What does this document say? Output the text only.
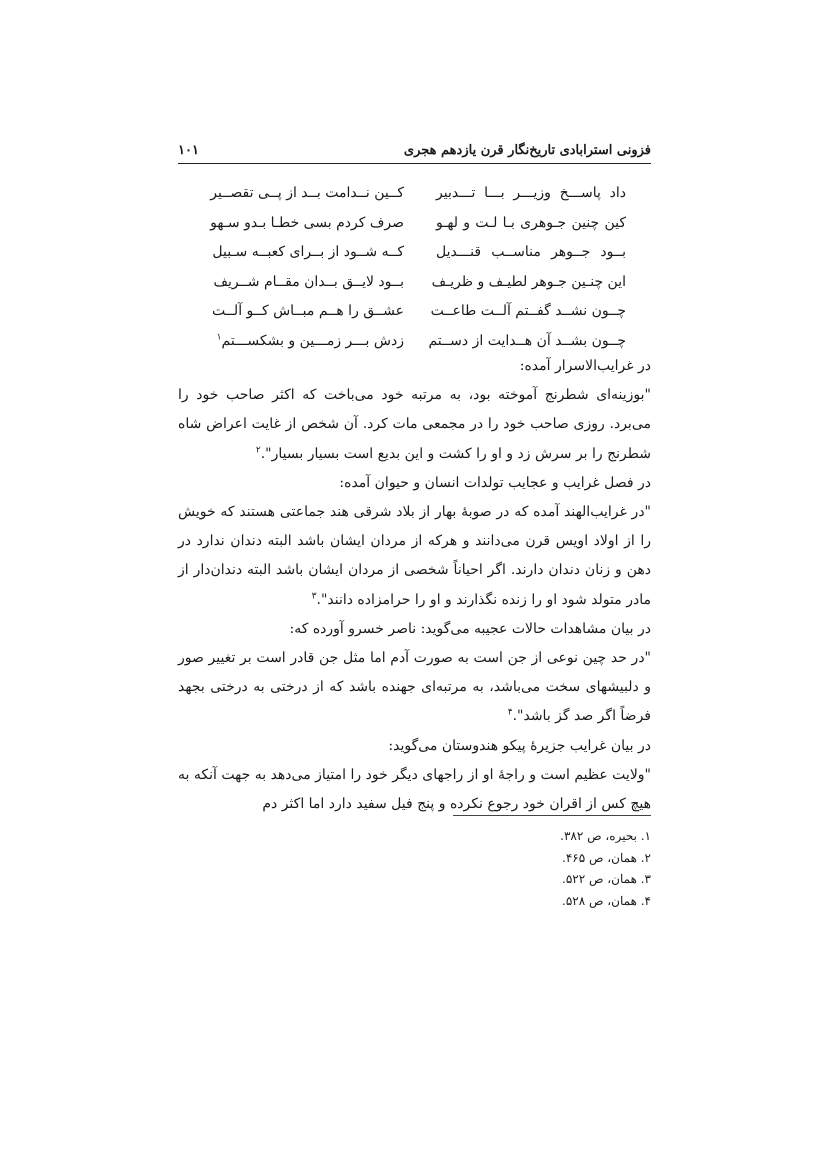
فزونی استرابادی تاریخ‌نگار قرن یازدهم هجری
۱۰۱
داد پاســـخ وزیـــر بـــا تـــدبیر
کــین نــدامت بــد از پــی تقصــیر
کین چنین جـوهری بـا لـت و لهـو
صرف کردم بسی خطـا بـدو سـهو
بــود جــوهر مناســب قنـــدیل
کــه شــود از بــرای کعبــه سـبیل
این چنـین جـوهر لطیـف و ظریـف
بــود لایــق بــدان مقــام شــریف
چــون نشــد گفــتم آلــت طاعــت
عشــق را هــم مبــاش کــو آلــت
چــون بشــد آن هــدایت از دســتم
زدش بـــر زمـــین و بشکســـتم$^۱$

در غرایب‌الاسرار آمده:

"بوزینه‌ای شطرنج آموخته بود، به مرتبه خود می‌باخت که اکثر صاحب خود را می‌برد. روزی صاحب خود را در مجمعی مات کرد. آن شخص از غایت اعراض شاه شطرنج را بر سرش زد و او را کشت و این بدیع است بسیار بسیار".$^۲$

در فصل غرایب و عجایب تولدات انسان و حیوان آمده:

"در غرایب‌الهند آمده که در صوبهٔ بهار از بلاد شرقی هند جماعتی هستند که خویش را از اولاد اویس قرن می‌دانند و هرکه از مردان ایشان باشد البته دندان ندارد در دهن و زنان دندان دارند. اگر احیاناً شخصی از مردان ایشان باشد البته دندان‌دار از مادر متولد شود او را زنده نگذارند و او را حرامزاده دانند".$^۳$

در بیان مشاهدات حالات عجیبه می‌گوید: ناصر خسرو آورده که:

"در حد چین نوعی از جن است به صورت آدم اما مثل جن قادر است بر تغییر صور و دلبیشهای سخت می‌باشد، به مرتبه‌ای جهنده باشد که از درختی به درختی بجهد فرضاً اگر صد گز باشد".$^۴$

در بیان غرایب جزیرهٔ پیکو هندوستان می‌گوید:

"ولایت عظیم است و راجهٔ او از راجهای دیگر خود را امتیاز می‌دهد به جهت آنکه به هیچ کس از اقران خود رجوع نکرده و پنج فیل سفید دارد اما اکثر دم

۱. بحیره، ص ۳۸۲.
۲. همان، ص ۴۶۵.
۳. همان، ص ۵۲۲.
۴. همان، ص ۵۲۸.
